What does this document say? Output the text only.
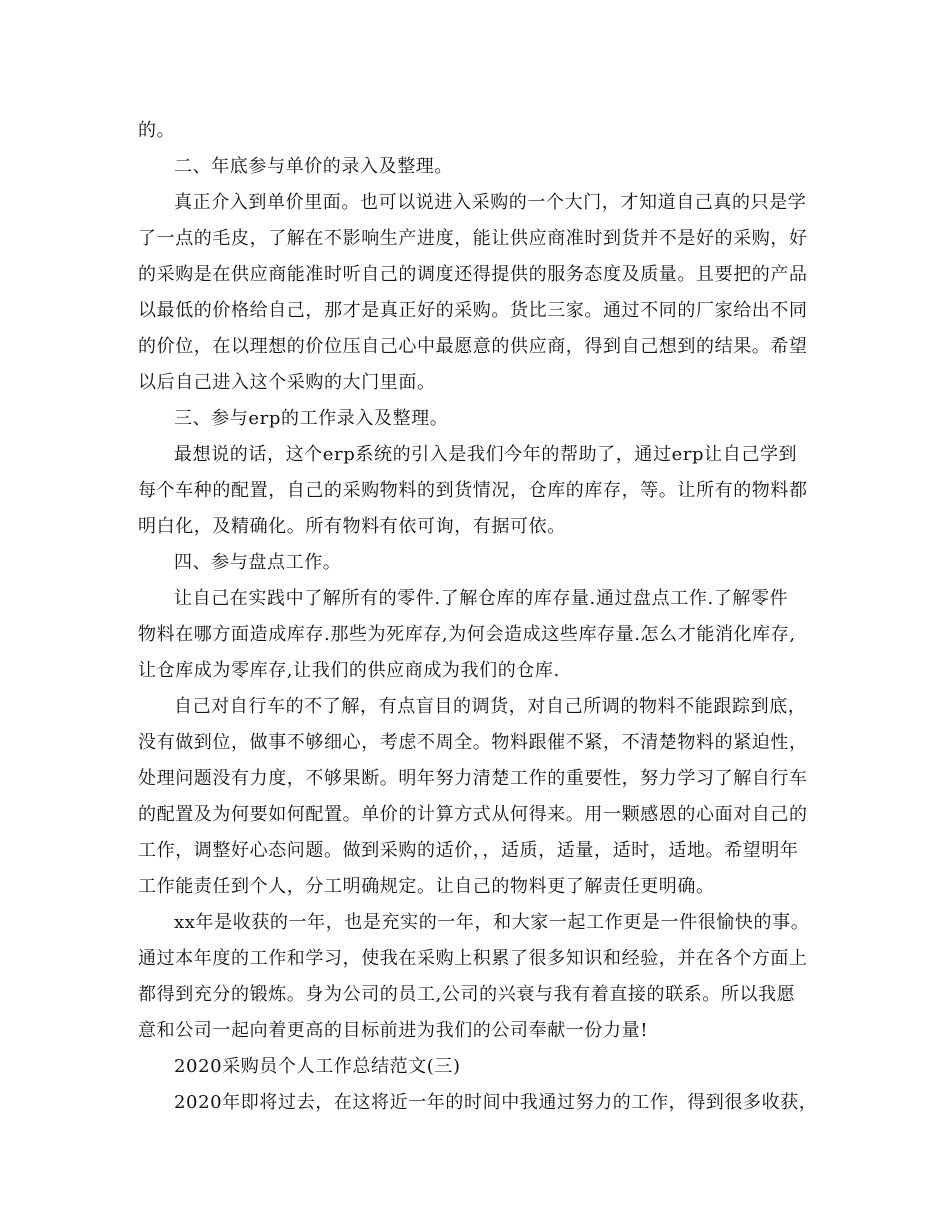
的。
二、年底参与单价的录入及整理。
真正介入到单价里面。也可以说进入采购的一个大门，才知道自己真的只是学
了一点的毛皮，了解在不影响生产进度，能让供应商准时到货并不是好的采购，好
的采购是在供应商能准时听自己的调度还得提供的服务态度及质量。且要把的产品
以最低的价格给自己，那才是真正好的采购。货比三家。通过不同的厂家给出不同
的价位，在以理想的价位压自己心中最愿意的供应商，得到自己想到的结果。希望
以后自己进入这个采购的大门里面。
三、参与erp的工作录入及整理。
最想说的话，这个erp系统的引入是我们今年的帮助了，通过erp让自己学到
每个车种的配置，自己的采购物料的到货情况，仓库的库存，等。让所有的物料都
明白化，及精确化。所有物料有依可询，有据可依。
四、参与盘点工作。
让自己在实践中了解所有的零件.了解仓库的库存量.通过盘点工作.了解零件
物料在哪方面造成库存.那些为死库存,为何会造成这些库存量.怎么才能消化库存,
让仓库成为零库存,让我们的供应商成为我们的仓库.
自己对自行车的不了解，有点盲目的调货，对自己所调的物料不能跟踪到底，
没有做到位，做事不够细心，考虑不周全。物料跟催不紧，不清楚物料的紧迫性，
处理问题没有力度，不够果断。明年努力清楚工作的重要性，努力学习了解自行车
的配置及为何要如何配置。单价的计算方式从何得来。用一颗感恩的心面对自己的
工作，调整好心态问题。做到采购的适价，，适质，适量，适时，适地。希望明年
工作能责任到个人，分工明确规定。让自己的物料更了解责任更明确。
xx年是收获的一年，也是充实的一年，和大家一起工作更是一件很愉快的事。
通过本年度的工作和学习，使我在采购上积累了很多知识和经验，并在各个方面上
都得到充分的锻炼。身为公司的员工,公司的兴衰与我有着直接的联系。所以我愿
意和公司一起向着更高的目标前进为我们的公司奉献一份力量!
2020采购员个人工作总结范文(三)
2020年即将过去，在这将近一年的时间中我通过努力的工作，得到很多收获，
